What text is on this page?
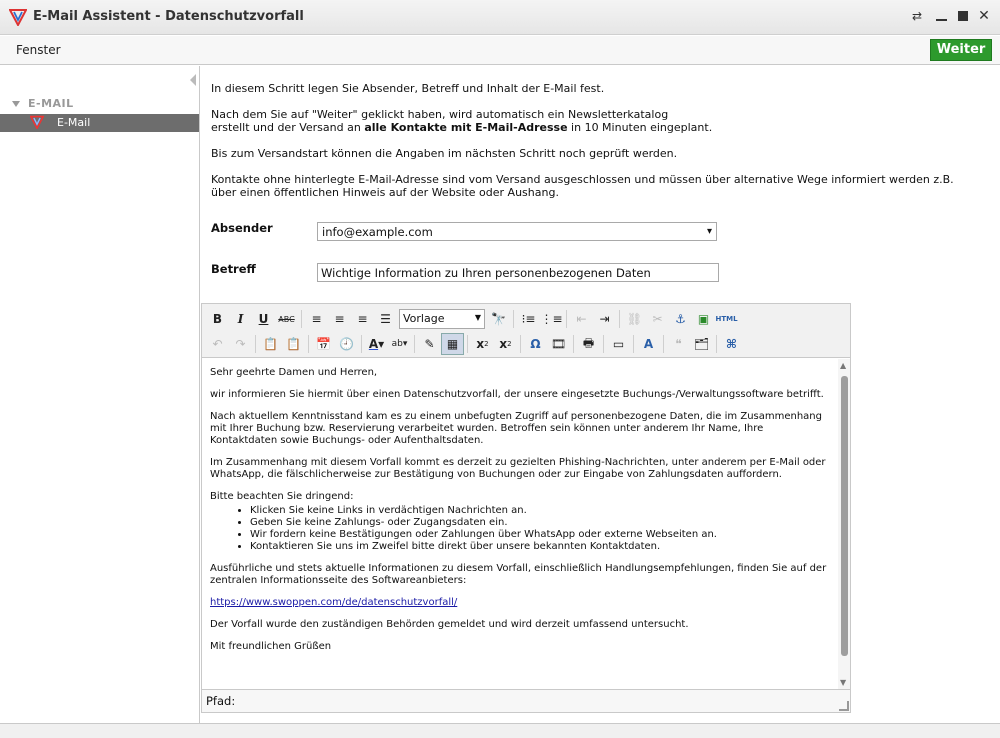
E-Mail Assistent - Datenschutzvorfall	⇄	✕
Fenster	Weiter
E-MAIL
E-Mail
In diesem Schritt legen Sie Absender, Betreff und Inhalt der E-Mail fest.
Nach dem Sie auf "Weiter" geklickt haben, wird automatisch ein Newsletterkatalog
erstellt und der Versand an alle Kontakte mit E-Mail-Adresse in 10 Minuten eingeplant.
Bis zum Versandstart können die Angaben im nächsten Schritt noch geprüft werden.
Kontakte ohne hinterlegte E-Mail-Adresse sind vom Versand ausgeschlossen und müssen über alternative Wege informiert werden z.B.
über einen öffentlichen Hinweis auf der Website oder Aushang.
Absender	info@example.com	▾
Betreff	Wichtige Information zu Ihren personenbezogenen Daten
B I U ABC	≡	≡	≡	☰	Vorlage	▼ 🔭	⁝≡ ⋮≡	⇤	⇥	⛓ ✂	⚓ ▣ HTML
↶	↷	📋 📋	📅 🕘	A ▾ ab▾	✎	▦	x 2 x 2	Ω 🎞	🖶	▭	A	❝	🗂	⌘

Sehr geehrte Damen und Herren,

wir informieren Sie hiermit über einen Datenschutzvorfall, der unsere eingesetzte Buchungs-/Verwaltungssoftware betrifft.

Nach aktuellem Kenntnisstand kam es zu einem unbefugten Zugriff auf personenbezogene Daten, die im Zusammenhang mit Ihrer Buchung bzw. Reservierung verarbeitet wurden. Betroffen sein können unter anderem Ihr Name, Ihre Kontaktdaten sowie Buchungs- oder Aufenthaltsdaten.

Im Zusammenhang mit diesem Vorfall kommt es derzeit zu gezielten Phishing-Nachrichten, unter anderem per E-Mail oder WhatsApp, die fälschlicherweise zur Bestätigung von Buchungen oder zur Eingabe von Zahlungsdaten auffordern.

Bitte beachten Sie dringend:

• Klicken Sie keine Links in verdächtigen Nachrichten an.
• Geben Sie keine Zahlungs- oder Zugangsdaten ein.
• Wir fordern keine Bestätigungen oder Zahlungen über WhatsApp oder externe Webseiten an.
• Kontaktieren Sie uns im Zweifel bitte direkt über unsere bekannten Kontaktdaten.

Ausführliche und stets aktuelle Informationen zu diesem Vorfall, einschließlich Handlungsempfehlungen, finden Sie auf der zentralen Informationsseite des Softwareanbieters:

https://www.swoppen.com/de/datenschutzvorfall/

Der Vorfall wurde den zuständigen Behörden gemeldet und wird derzeit umfassend untersucht.

Mit freundlichen Grüßen

▲
▼
Pfad:
